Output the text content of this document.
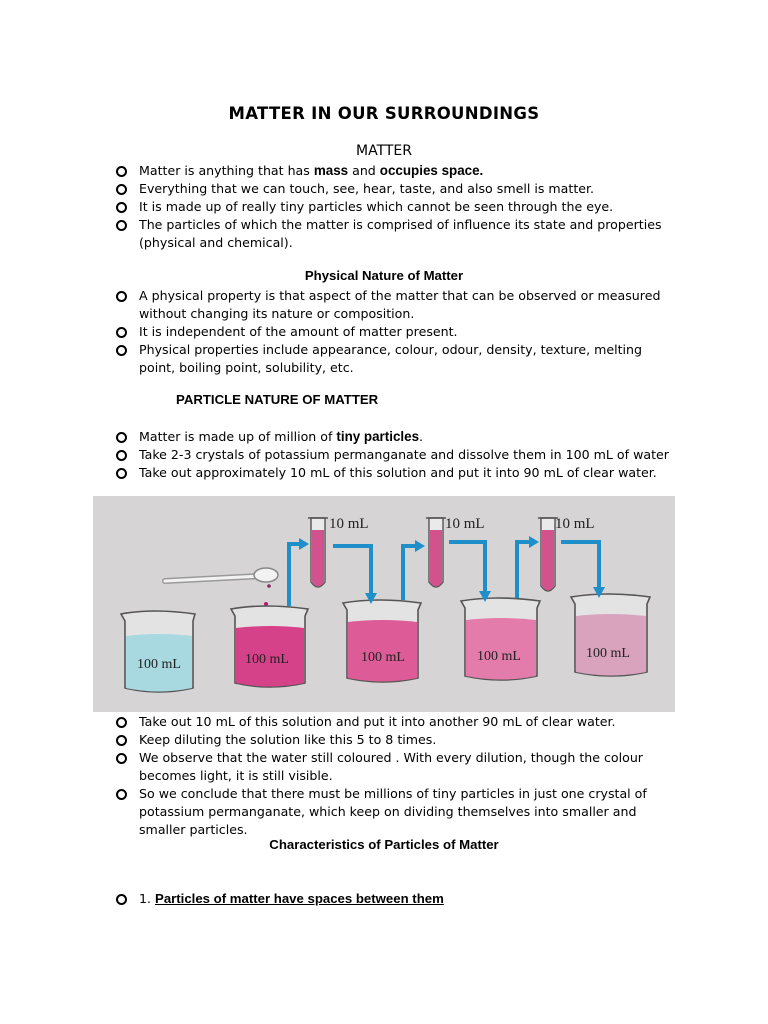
MATTER IN OUR SURROUNDINGS
MATTER
Matter is anything that has mass and occupies space.
Everything that we can touch, see, hear, taste, and also smell is matter.
It is made up of really tiny particles which cannot be seen through the eye.
The particles of which the matter is comprised of influence its state and properties (physical and chemical).
Physical Nature of Matter
A physical property is that aspect of the matter that can be observed or measured without changing its nature or composition.
It is independent of the amount of matter present.
Physical properties include appearance, colour, odour, density, texture, melting point, boiling point, solubility, etc.
PARTICLE NATURE OF MATTER
Matter is made up of million of tiny particles.
Take 2-3 crystals of potassium permanganate and dissolve them in 100 mL of water
Take out approximately 10 mL of this solution and put it into 90 mL of clear water.
100 mL	100 mL	100 mL	100 mL	100 mL
10 mL	10 mL	10 mL
Take out 10 mL of this solution and put it into another 90 mL of clear water.
Keep diluting the solution like this 5 to 8 times.
We observe that the water still coloured . With every dilution, though the colour becomes light, it is still visible.
So we conclude that there must be millions of tiny particles in just one crystal of potassium permanganate, which keep on dividing themselves into smaller and smaller particles.
Characteristics of Particles of Matter
1. Particles of matter have spaces between them
